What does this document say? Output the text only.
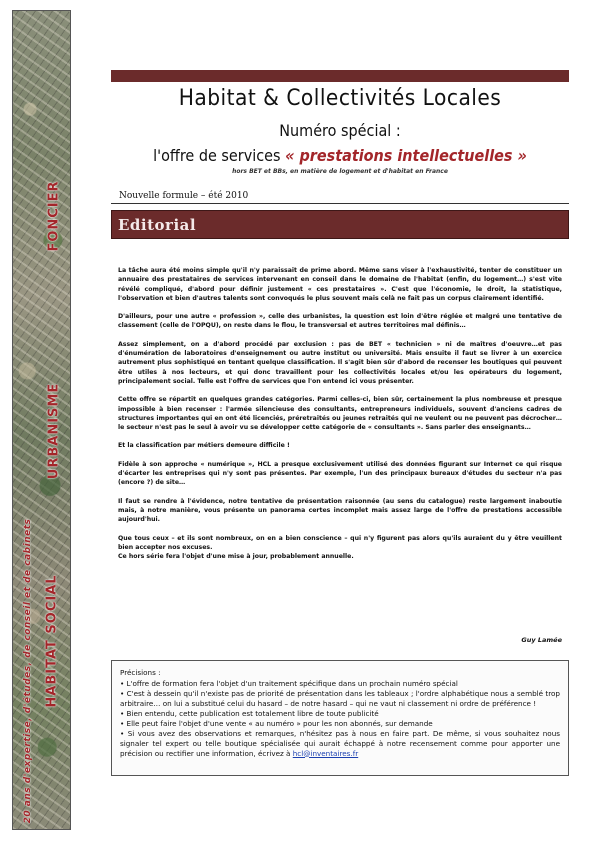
FONCIER
URBANISME
HABITAT SOCIAL
20 ans d'expertise, d'études, de conseil et de cabinets
Habitat & Collectivités Locales
Numéro spécial :
l'offre de services « prestations intellectuelles »
hors BET et BBs, en matière de logement et d'habitat en France
Nouvelle formule – été 2010
Editorial

La tâche aura été moins simple qu'il n'y paraissait de prime abord. Même sans viser à l'exhaustivité, tenter de constituer un annuaire des prestataires de services intervenant en conseil dans le domaine de l'habitat (enfin, du logement…) s'est vite révélé compliqué, d'abord pour définir justement « ces prestataires ». C'est que l'économie, le droit, la statistique, l'observation et bien d'autres talents sont convoqués le plus souvent mais celà ne fait pas un corpus clairement identifié.

D'ailleurs, pour une autre « profession », celle des urbanistes, la question est loin d'être réglée et malgré une tentative de classement (celle de l'OPQU), on reste dans le flou, le transversal et autres territoires mal définis…

Assez simplement, on a d'abord procédé par exclusion : pas de BET « technicien » ni de maîtres d'oeuvre…et pas d'énumération de laboratoires d'enseignement ou autre institut ou université. Mais ensuite il faut se livrer à un exercice autrement plus sophistiqué en tentant quelque classification. Il s'agit bien sûr d'abord de recenser les boutiques qui peuvent être utiles à nos lecteurs, et qui donc travaillent pour les collectivités locales et/ou les opérateurs du logement, principalement social. Telle est l'offre de services que l'on entend ici vous présenter.

Cette offre se répartit en quelques grandes catégories. Parmi celles-ci, bien sûr, certainement la plus nombreuse et presque impossible à bien recenser : l'armée silencieuse des consultants, entrepreneurs individuels, souvent d'anciens cadres de structures importantes qui en ont été licenciés, préretraités ou jeunes retraités qui ne veulent ou ne peuvent pas décrocher… le secteur n'est pas le seul à avoir vu se développer cette catégorie de « consultants ». Sans parler des enseignants…

Et la classification par métiers demeure difficile !

Fidèle à son approche « numérique », HCL a presque exclusivement utilisé des données figurant sur Internet ce qui risque d'écarter les entreprises qui n'y sont pas présentes. Par exemple, l'un des principaux bureaux d'études du secteur n'a pas (encore ?) de site…

Il faut se rendre à l'évidence, notre tentative de présentation raisonnée (au sens du catalogue) reste largement inaboutie mais, à notre manière, vous présente un panorama certes incomplet mais assez large de l'offre de prestations accessible aujourd'hui.

Que tous ceux – et ils sont nombreux, on en a bien conscience – qui n'y figurent pas alors qu'ils auraient du y être veuillent bien accepter nos excuses.
Ce hors série fera l'objet d'une mise à jour, probablement annuelle.

Guy Lamée
Précisions :
• L'offre de formation fera l'objet d'un traitement spécifique dans un prochain numéro spécial
• C'est à dessein qu'il n'existe pas de priorité de présentation dans les tableaux ; l'ordre alphabétique nous a semblé trop arbitraire… on lui a substitué celui du hasard – de notre hasard – qui ne vaut ni classement ni ordre de préférence !
• Bien entendu, cette publication est totalement libre de toute publicité
• Elle peut faire l'objet d'une vente « au numéro » pour les non abonnés, sur demande
• Si vous avez des observations et remarques, n'hésitez pas à nous en faire part. De même, si vous souhaitez nous signaler tel expert ou telle boutique spécialisée qui aurait échappé à notre recensement comme pour apporter une précision ou rectifier une information, écrivez à hcl@inventaires.fr
